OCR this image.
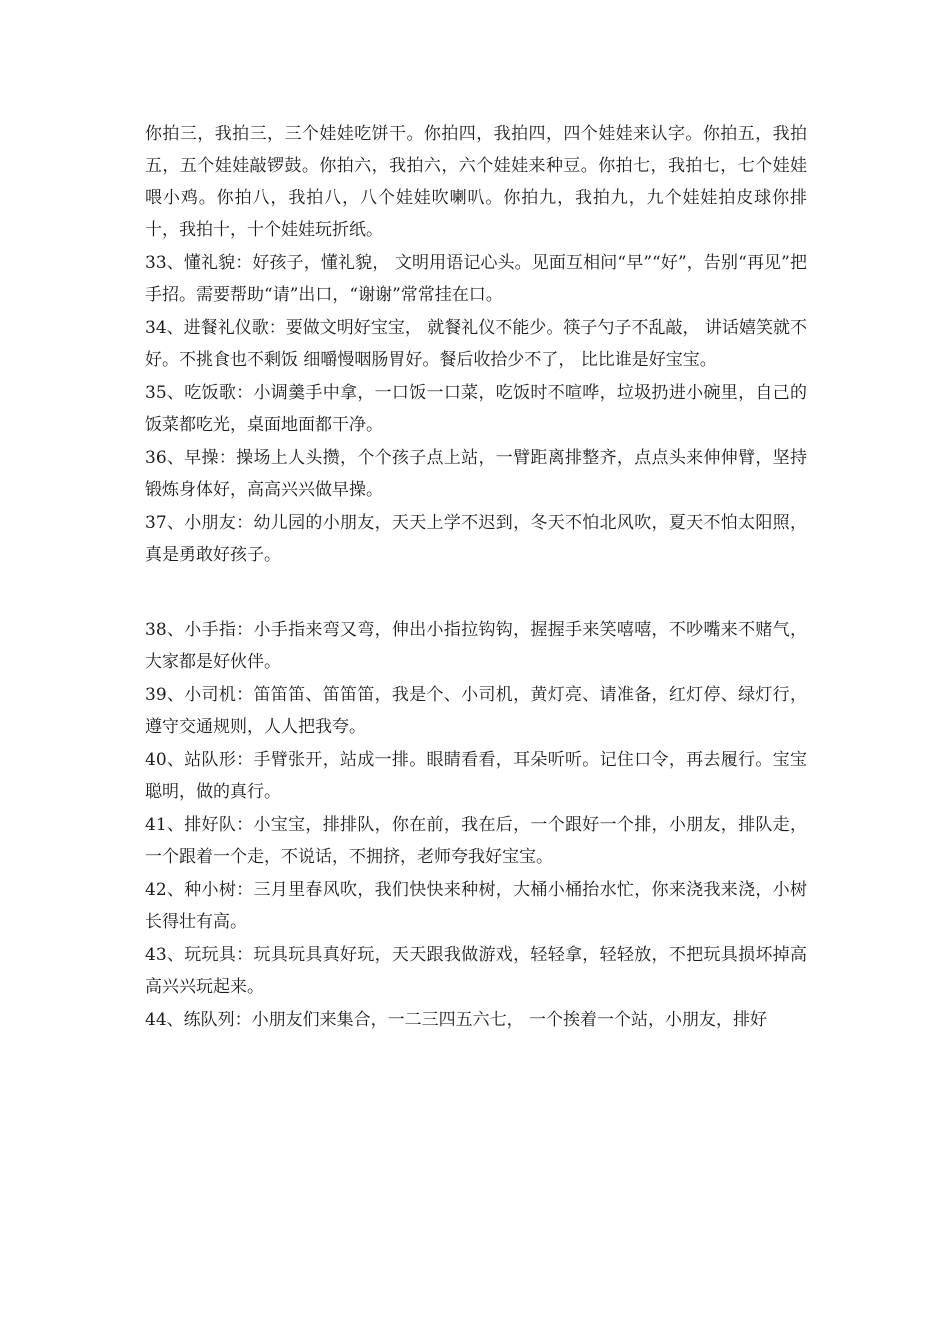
你拍三，我拍三，三个娃娃吃饼干。你拍四，我拍四，四个娃娃来认字。你拍五，我拍五，五个娃娃敲锣鼓。你拍六，我拍六，六个娃娃来种豆。你拍七，我拍七，七个娃娃喂小鸡。你拍八，我拍八，八个娃娃吹喇叭。你拍九，我拍九，九个娃娃拍皮球你排十，我拍十，十个娃娃玩折纸。

33、懂礼貌：好孩子，懂礼貌， 文明用语记心头。见面互相问“早”“好”，告别“再见”把手招。需要帮助“请”出口，“谢谢”常常挂在口。

34、进餐礼仪歌：要做文明好宝宝， 就餐礼仪不能少。筷子勺子不乱敲， 讲话嬉笑就不好。不挑食也不剩饭 细嚼慢咽肠胃好。餐后收拾少不了， 比比谁是好宝宝。

35、吃饭歌：小调羹手中拿，一口饭一口菜，吃饭时不喧哗，垃圾扔进小碗里，自己的饭菜都吃光，桌面地面都干净。

36、早操：操场上人头攒，个个孩子点上站，一臂距离排整齐，点点头来伸伸臂，坚持锻炼身体好，高高兴兴做早操。

37、小朋友：幼儿园的小朋友，天天上学不迟到，冬天不怕北风吹，夏天不怕太阳照，真是勇敢好孩子。

38、小手指：小手指来弯又弯，伸出小指拉钩钩，握握手来笑嘻嘻，不吵嘴来不赌气，大家都是好伙伴。

39、小司机：笛笛笛、笛笛笛，我是个、小司机，黄灯亮、请准备，红灯停、绿灯行，遵守交通规则，人人把我夸。

40、站队形：手臂张开，站成一排。眼睛看看，耳朵听听。记住口令，再去履行。宝宝聪明，做的真行。

41、排好队：小宝宝，排排队，你在前，我在后，一个跟好一个排，小朋友，排队走，一个跟着一个走，不说话，不拥挤，老师夸我好宝宝。

42、种小树：三月里春风吹，我们快快来种树，大桶小桶抬水忙，你来浇我来浇，小树长得壮有高。

43、玩玩具：玩具玩具真好玩，天天跟我做游戏，轻轻拿，轻轻放，不把玩具损坏掉高高兴兴玩起来。

44、练队列：小朋友们来集合，一二三四五六七， 一个挨着一个站，小朋友，排好
